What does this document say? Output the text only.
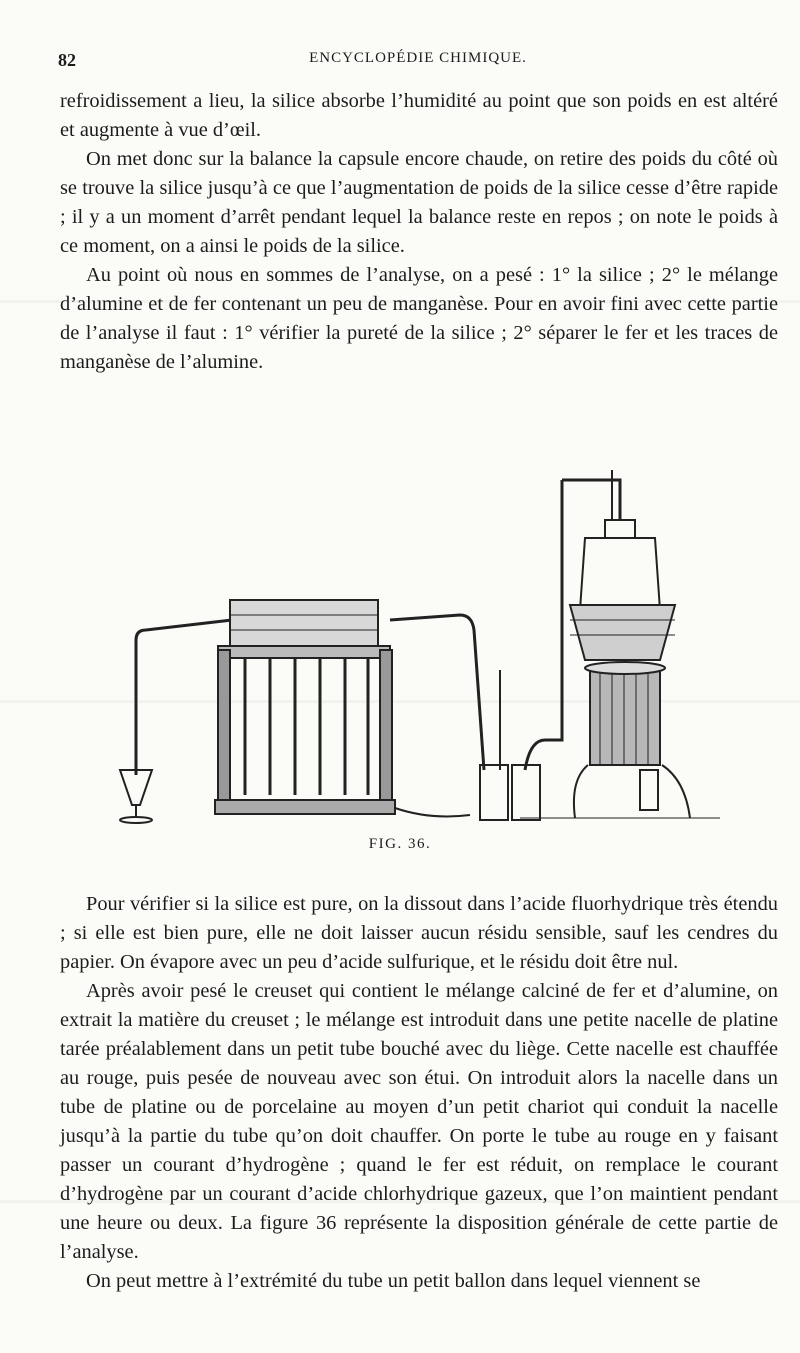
82	ENCYCLOPÉDIE CHIMIQUE.

refroidissement a lieu, la silice absorbe l’humidité au point que son poids en est altéré et augmente à vue d’œil.

On met donc sur la balance la capsule encore chaude, on retire des poids du côté où se trouve la silice jusqu’à ce que l’augmentation de poids de la silice cesse d’être rapide ; il y a un moment d’arrêt pendant lequel la balance reste en repos ; on note le poids à ce moment, on a ainsi le poids de la silice.

Au point où nous en sommes de l’analyse, on a pesé : 1° la silice ; 2° le mélange d’alumine et de fer contenant un peu de manganèse. Pour en avoir fini avec cette partie de l’analyse il faut : 1° vérifier la pureté de la silice ; 2° séparer le fer et les traces de manganèse de l’alumine.

FIG. 36.

Pour vérifier si la silice est pure, on la dissout dans l’acide fluorhydrique très étendu ; si elle est bien pure, elle ne doit laisser aucun résidu sensible, sauf les cendres du papier. On évapore avec un peu d’acide sulfurique, et le résidu doit être nul.

Après avoir pesé le creuset qui contient le mélange calciné de fer et d’alumine, on extrait la matière du creuset ; le mélange est introduit dans une petite nacelle de platine tarée préalablement dans un petit tube bouché avec du liège. Cette nacelle est chauffée au rouge, puis pesée de nouveau avec son étui. On introduit alors la nacelle dans un tube de platine ou de porcelaine au moyen d’un petit chariot qui conduit la nacelle jusqu’à la partie du tube qu’on doit chauffer. On porte le tube au rouge en y faisant passer un courant d’hydrogène ; quand le fer est réduit, on remplace le courant d’hydrogène par un courant d’acide chlorhydrique gazeux, que l’on maintient pendant une heure ou deux. La figure 36 représente la disposition générale de cette partie de l’analyse.

On peut mettre à l’extrémité du tube un petit ballon dans lequel viennent se
